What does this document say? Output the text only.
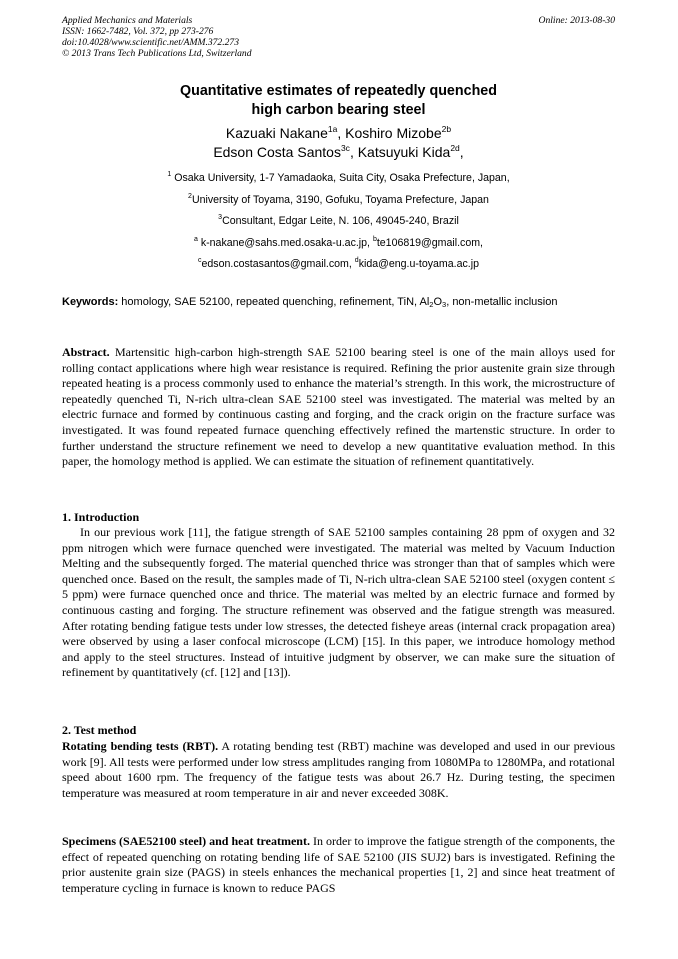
Applied Mechanics and Materials
ISSN: 1662-7482, Vol. 372, pp 273-276
doi:10.4028/www.scientific.net/AMM.372.273
© 2013 Trans Tech Publications Ltd, Switzerland
Online: 2013-08-30
Quantitative estimates of repeatedly quenched
high carbon bearing steel
Kazuaki Nakane$^{1a}$, Koshiro Mizobe$^{2b}$
Edson Costa Santos$^{3c}$, Katsuyuki Kida$^{2d}$,
$^1$ Osaka University, 1-7 Yamadaoka, Suita City, Osaka Prefecture, Japan,
$^2$University of Toyama, 3190, Gofuku, Toyama Prefecture, Japan
$^3$Consultant, Edgar Leite, N. 106, 49045-240, Brazil
$^a$ k-nakane@sahs.med.osaka-u.ac.jp, $^b$te106819@gmail.com,
$^c$edson.costasantos@gmail.com, $^d$kida@eng.u-toyama.ac.jp
Keywords: homology, SAE 52100, repeated quenching, refinement, TiN, $Al_2O_3$, non-metallic inclusion
Abstract. Martensitic high-carbon high-strength SAE 52100 bearing steel is one of the main alloys used for rolling contact applications where high wear resistance is required. Refining the prior austenite grain size through repeated heating is a process commonly used to enhance the material’s strength. In this work, the microstructure of repeatedly quenched Ti, N-rich ultra-clean SAE 52100 steel was investigated. The material was melted by an electric furnace and formed by continuous casting and forging, and the crack origin on the fracture surface was investigated. It was found repeated furnace quenching effectively refined the martenstic structure. In order to further understand the structure refinement we need to develop a new quantitative evaluation method. In this paper, the homology method is applied. We can estimate the situation of refinement quantitatively.
1. Introduction
In our previous work [11], the fatigue strength of SAE 52100 samples containing 28 ppm of oxygen and 32 ppm nitrogen which were furnace quenched were investigated. The material was melted by Vacuum Induction Melting and the subsequently forged. The material quenched thrice was stronger than that of samples which were quenched once. Based on the result, the samples made of Ti, N-rich ultra-clean SAE 52100 steel (oxygen content ≤ 5 ppm) were furnace quenched once and thrice. The material was melted by an electric furnace and formed by continuous casting and forging. The structure refinement was observed and the fatigue strength was measured. After rotating bending fatigue tests under low stresses, the detected fisheye areas (internal crack propagation area) were observed by using a laser confocal microscope (LCM) [15]. In this paper, we introduce homology method and apply to the steel structures. Instead of intuitive judgment by observer, we can make sure the situation of refinement by quantitatively (cf. [12] and [13]).
2. Test method
Rotating bending tests (RBT). A rotating bending test (RBT) machine was developed and used in our previous work [9]. All tests were performed under low stress amplitudes ranging from 1080MPa to 1280MPa, and rotational speed about 1600 rpm. The frequency of the fatigue tests was about 26.7 Hz. During testing, the specimen temperature was measured at room temperature in air and never exceeded 308K.
Specimens (SAE52100 steel) and heat treatment. In order to improve the fatigue strength of the components, the effect of repeated quenching on rotating bending life of SAE 52100 (JIS SUJ2) bars is investigated. Refining the prior austenite grain size (PAGS) in steels enhances the mechanical properties [1, 2] and since heat treatment of temperature cycling in furnace is known to reduce PAGS
